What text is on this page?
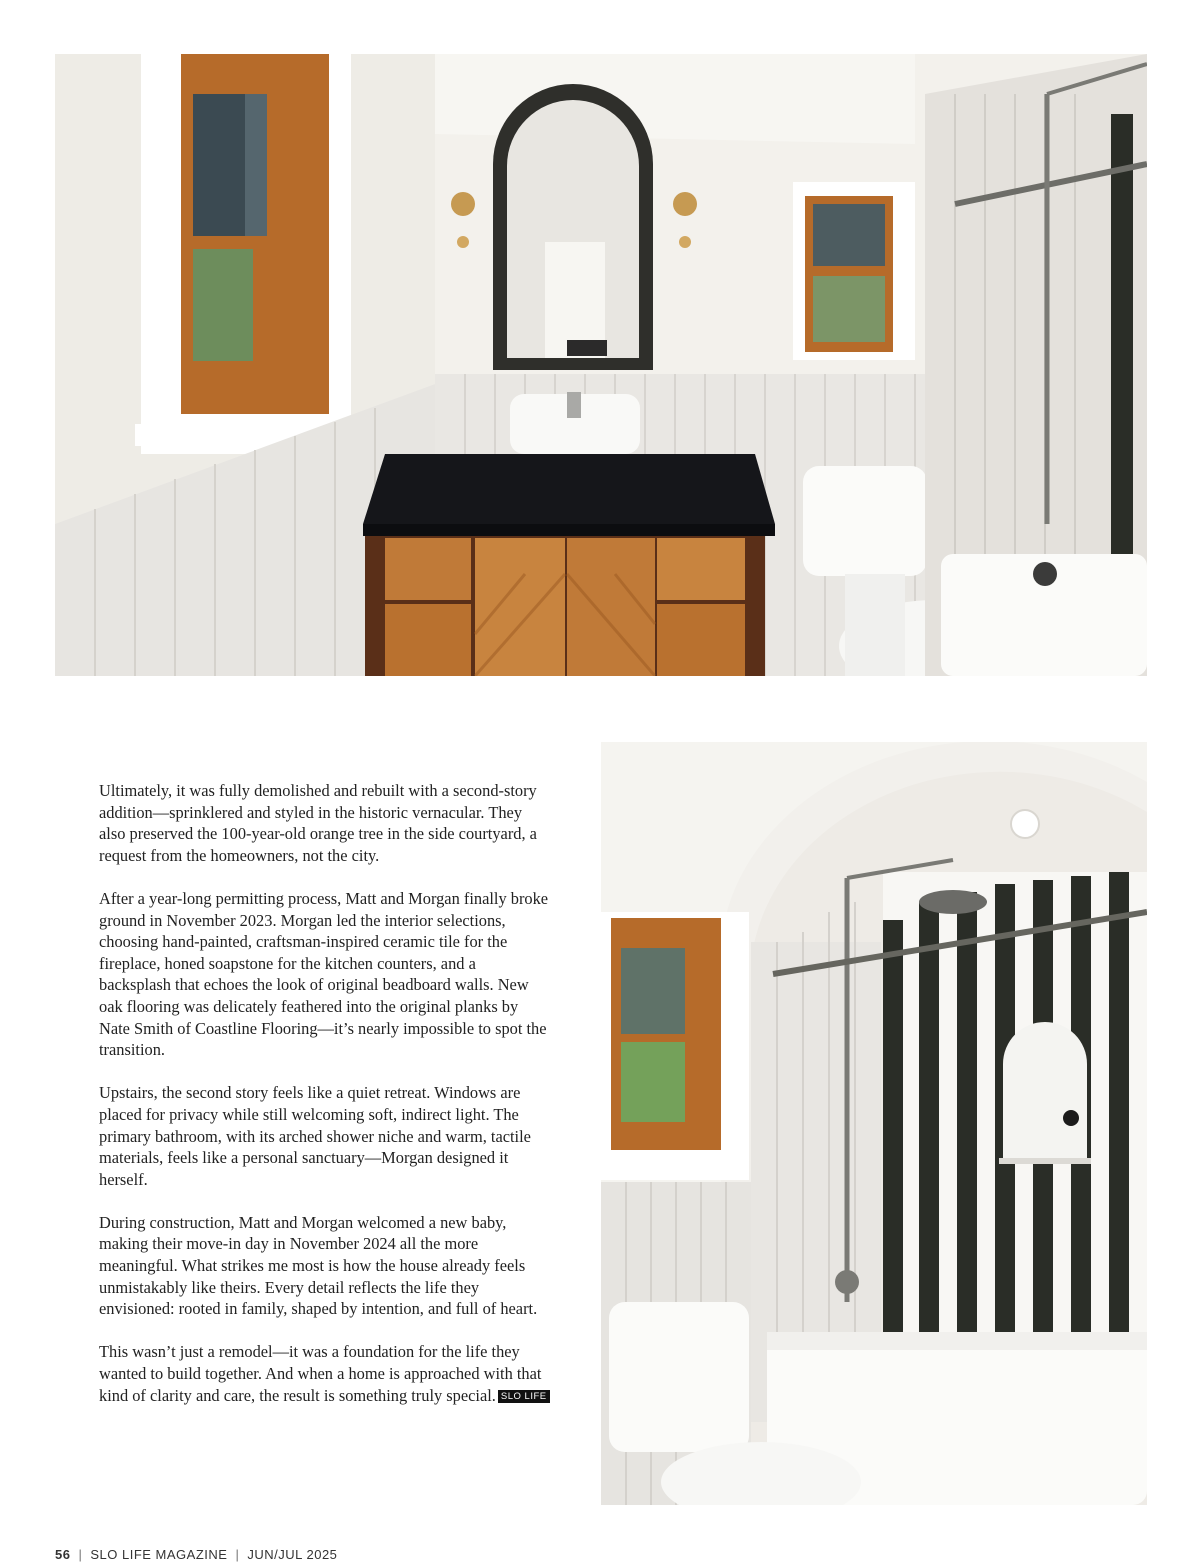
Ultimately, it was fully demolished and rebuilt with a second-story addition—sprinklered and styled in the historic vernacular. They also preserved the 100-year-old orange tree in the side courtyard, a request from the homeowners, not the city.

After a year-long permitting process, Matt and Morgan finally broke ground in November 2023. Morgan led the interior selections, choosing hand-painted, craftsman-inspired ceramic tile for the fireplace, honed soapstone for the kitchen counters, and a backsplash that echoes the look of original beadboard walls. New oak flooring was delicately feathered into the original planks by Nate Smith of Coastline Flooring—it’s nearly impossible to spot the transition.

Upstairs, the second story feels like a quiet retreat. Windows are placed for privacy while still welcoming soft, indirect light. The primary bathroom, with its arched shower niche and warm, tactile materials, feels like a personal sanctuary—Morgan designed it herself.

During construction, Matt and Morgan welcomed a new baby, making their move-in day in November 2024 all the more meaningful. What strikes me most is how the house already feels unmistakably like theirs. Every detail reflects the life they envisioned: rooted in family, shaped by intention, and full of heart.

This wasn’t just a remodel—it was a foundation for the life they wanted to build together. And when a home is approached with that kind of clarity and care, the result is something truly special. SLO LIFE

56 | SLO LIFE MAGAZINE | JUN/JUL 2025
